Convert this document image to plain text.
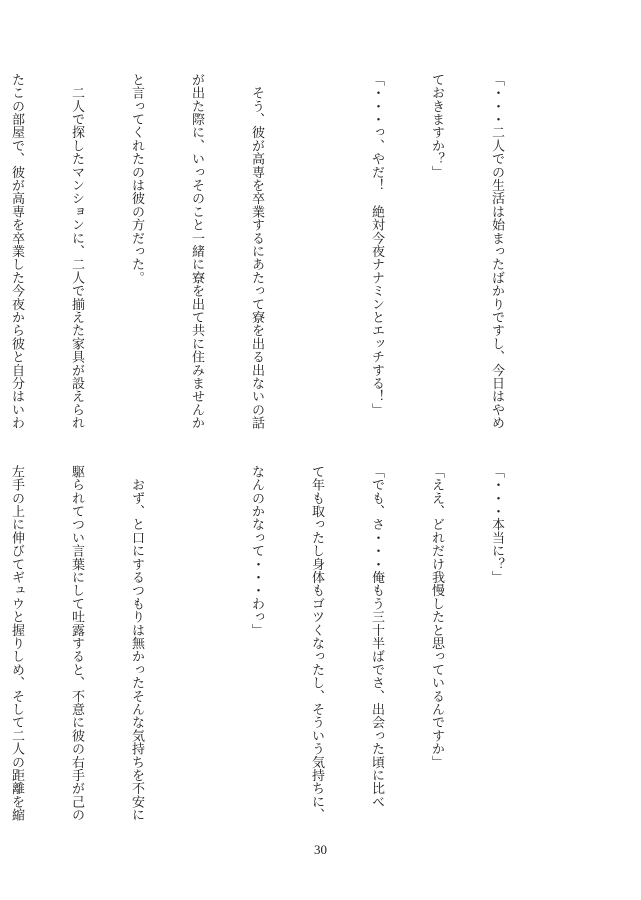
「・・・二人での生活は始まったばかりですし、今日はやめ

ておきますか？」

「・・・っ、やだ！　絶対今夜ナナミンとエッチする！」

　そう、彼が高専を卒業するにあたって寮を出る出ないの話

が出た際に、いっそのこと一緒に寮を出て共に住みませんか

と言ってくれたのは彼の方だった。

　二人で探したマンションに、二人で揃えた家具が設えられ

たこの部屋で、彼が高専を卒業した今夜から彼と自分はいわ

「・・・本当に？」

「ええ、どれだけ我慢したと思っているんですか」

「でも、さ・・・俺もう三十半ばでさ、出会った頃に比べ

て年も取ったし身体もゴツくなったし、そういう気持ちに、

なんのかなって・・・わっ」

　おず、と口にするつもりは無かったそんな気持ちを不安に

駆られてつい言葉にして吐露すると、不意に彼の右手が己の

左手の上に伸びてギュウと握りしめ、そして二人の距離を縮

30
